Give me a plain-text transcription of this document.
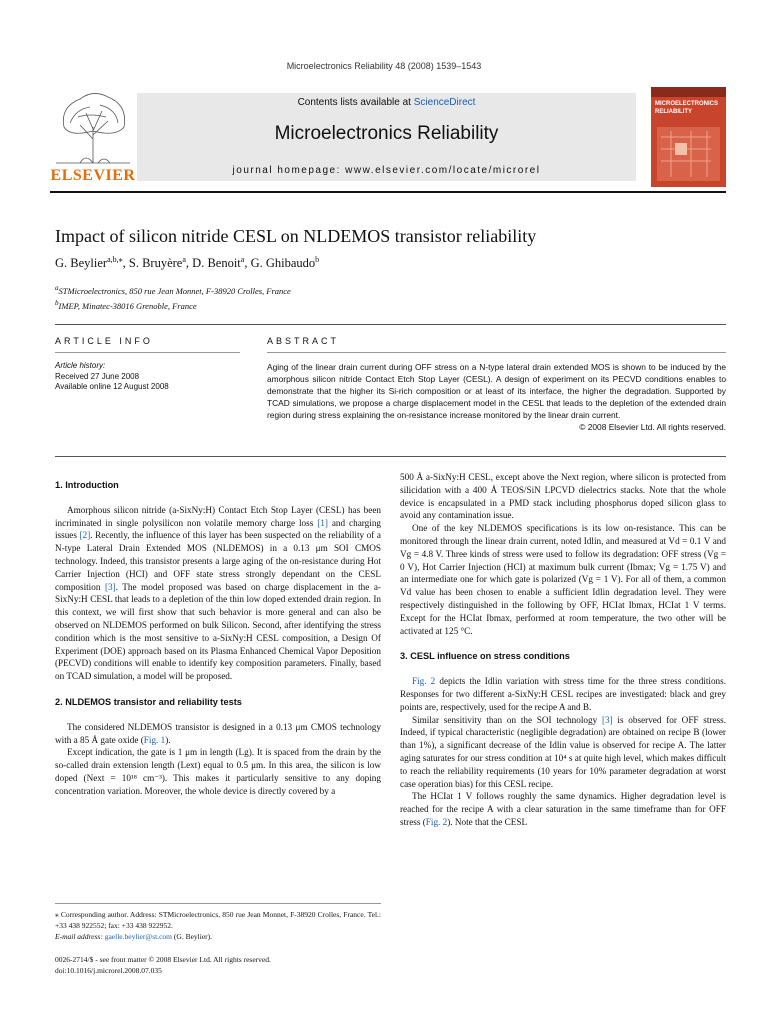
Microelectronics Reliability 48 (2008) 1539–1543
ELSEVIER
Contents lists available at ScienceDirect
Microelectronics Reliability
journal homepage: www.elsevier.com/locate/microrel
MICROELECTRONICS RELIABILITY
Impact of silicon nitride CESL on NLDEMOS transistor reliability
G. Beylier$^{a,b,⁎}$, S. Bruyère$^a$, D. Benoit$^a$, G. Ghibaudo$^b$
$^a$STMicroelectronics, 850 rue Jean Monnet, F-38920 Crolles, France
$^b$IMEP, Minatec-38016 Grenoble, France
ARTICLE INFO	ABSTRACT
Article history:
Received 27 June 2008
Available online 12 August 2008
Aging of the linear drain current during OFF stress on a N-type lateral drain extended MOS is shown to be induced by the amorphous silicon nitride Contact Etch Stop Layer (CESL). A design of experiment on its PECVD conditions enables to demonstrate that the higher its Si-rich composition or at least of its interface, the higher the degradation. Supported by TCAD simulations, we propose a charge displacement model in the CESL that leads to the depletion of the extended drain region during stress explaining the on-resistance increase monitored by the linear drain current.
© 2008 Elsevier Ltd. All rights reserved.
1. Introduction

Amorphous silicon nitride (a-SixNy:H) Contact Etch Stop Layer (CESL) has been incriminated in single polysilicon non volatile memory charge loss [1] and charging issues [2]. Recently, the influence of this layer has been suspected on the reliability of a N-type Lateral Drain Extended MOS (NLDEMOS) in a 0.13 μm SOI CMOS technology. Indeed, this transistor presents a large aging of the on-resistance during Hot Carrier Injection (HCI) and OFF state stress strongly dependant on the CESL composition [3]. The model proposed was based on charge displacement in the a-SixNy:H CESL that leads to a depletion of the thin low doped extended drain region. In this context, we will first show that such behavior is more general and can also be observed on NLDEMOS performed on bulk Silicon. Second, after identifying the stress condition which is the most sensitive to a-SixNy:H CESL composition, a Design Of Experiment (DOE) approach based on its Plasma Enhanced Chemical Vapor Deposition (PECVD) conditions will enable to identify key composition parameters. Finally, based on TCAD simulation, a model will be proposed.

2. NLDEMOS transistor and reliability tests

The considered NLDEMOS transistor is designed in a 0.13 μm CMOS technology with a 85 Å gate oxide (Fig. 1).

Except indication, the gate is 1 μm in length (Lg). It is spaced from the drain by the so-called drain extension length (Lext) equal to 0.5 μm. In this area, the silicon is low doped (Next = 10¹⁸ cm⁻³). This makes it particularly sensitive to any doping concentration variation. Moreover, the whole device is directly covered by a

⁎ Corresponding author. Address: STMicroelectronics, 850 rue Jean Monnet, F-38920 Crolles, France. Tel.: +33 438 922552; fax: +33 438 922952.
E-mail address: gaelle.beylier@st.com (G. Beylier).
0026-2714/$ - see front matter © 2008 Elsevier Ltd. All rights reserved.
doi:10.1016/j.microrel.2008.07.035

500 Å a-SixNy:H CESL, except above the Next region, where silicon is protected from silicidation with a 400 Å TEOS/SiN LPCVD dielectrics stacks. Note that the whole device is encapsulated in a PMD stack including phosphorus doped silicon glass to avoid any contamination issue.

One of the key NLDEMOS specifications is its low on-resistance. This can be monitored through the linear drain current, noted Idlin, and measured at Vd = 0.1 V and Vg = 4.8 V. Three kinds of stress were used to follow its degradation: OFF stress (Vg = 0 V), Hot Carrier Injection (HCI) at maximum bulk current (Ibmax; Vg = 1.75 V) and an intermediate one for which gate is polarized (Vg = 1 V). For all of them, a common Vd value has been chosen to enable a sufficient Idlin degradation level. They were respectively distinguished in the following by OFF, HCIat Ibmax, HCIat 1 V terms. Except for the HCIat Ibmax, performed at room temperature, the two other will be activated at 125 °C.

3. CESL influence on stress conditions

Fig. 2 depicts the Idlin variation with stress time for the three stress conditions. Responses for two different a-SixNy:H CESL recipes are investigated: black and grey points are, respectively, used for the recipe A and B.

Similar sensitivity than on the SOI technology [3] is observed for OFF stress. Indeed, if typical characteristic (negligible degradation) are obtained on recipe B (lower than 1%), a significant decrease of the Idlin value is observed for recipe A. The latter aging saturates for our stress condition at 10⁴ s at quite high level, which makes difficult to reach the reliability requirements (10 years for 10% parameter degradation at worst case operation bias) for this CESL recipe.

The HCIat 1 V follows roughly the same dynamics. Higher degradation level is reached for the recipe A with a clear saturation in the same timeframe than for OFF stress (Fig. 2). Note that the CESL
